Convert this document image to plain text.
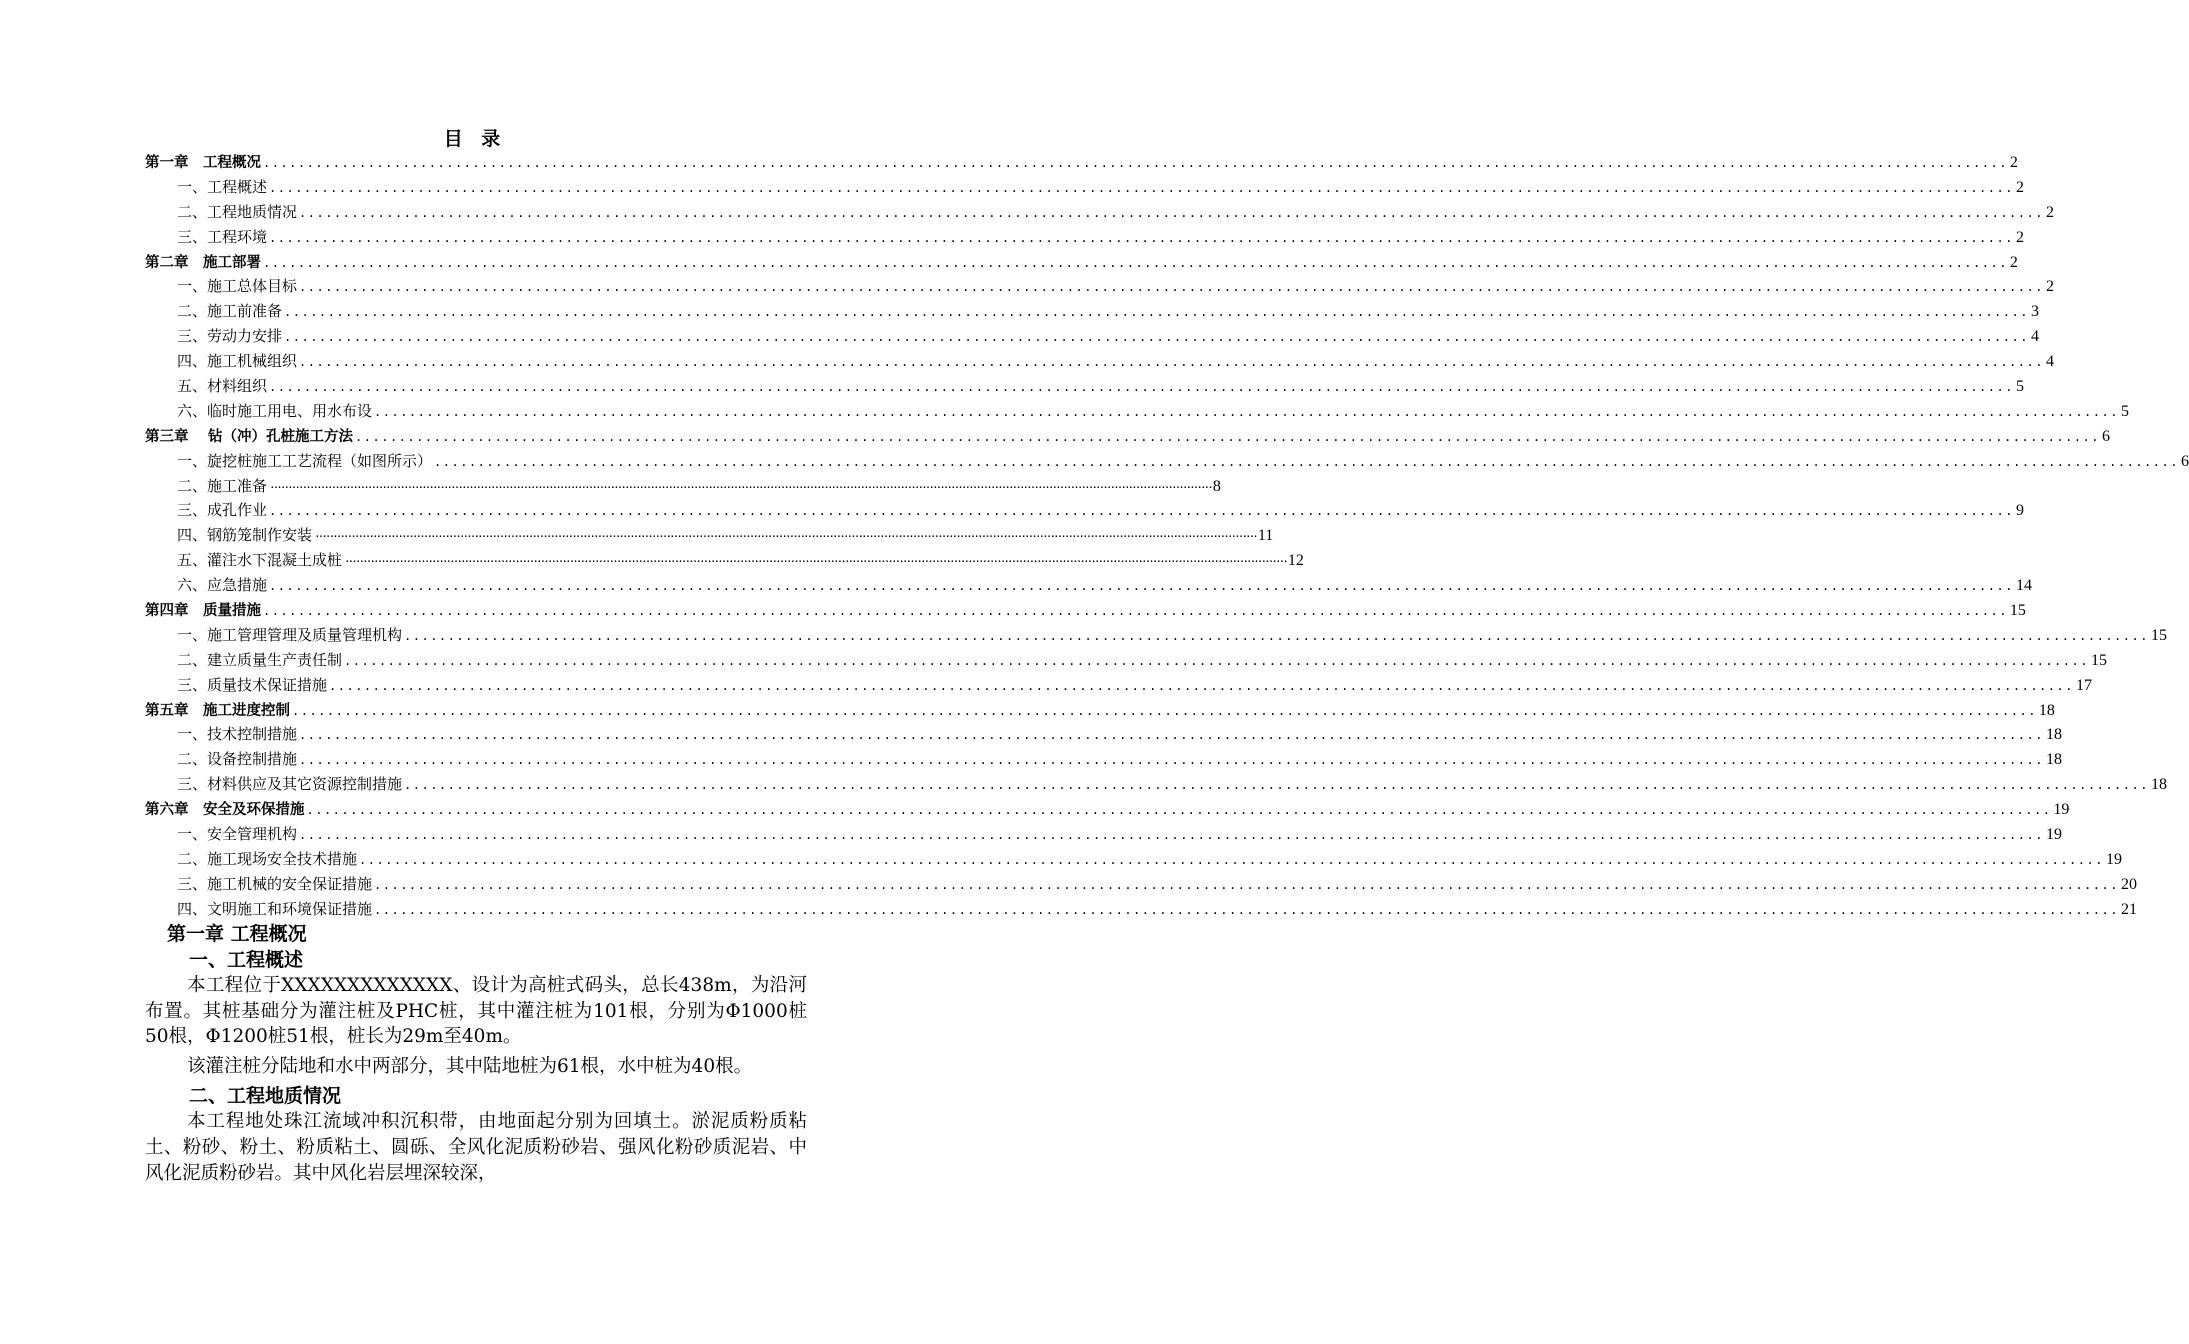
目 录
第一章　工程概况 ........................................................................................................................................................................................................ 2
一、工程概述 ........................................................................................................................................................................................................ 2
二、工程地质情况 ........................................................................................................................................................................................................ 2
三、工程环境 ........................................................................................................................................................................................................ 2
第二章　施工部署 ........................................................................................................................................................................................................ 2
一、施工总体目标 ........................................................................................................................................................................................................ 2
二、施工前准备 ........................................................................................................................................................................................................ 3
三、劳动力安排 ........................................................................................................................................................................................................ 4
四、施工机械组织 ........................................................................................................................................................................................................ 4
五、材料组织 ........................................................................................................................................................................................................ 5
六、临时施工用电、用水布设 ........................................................................................................................................................................................................ 5
第三章　 钻（冲）孔桩施工方法 ........................................................................................................................................................................................................ 6
一、旋挖桩施工工艺流程（如图所示） ........................................................................................................................................................................................................ 6
二、施工准备 ···································································································································································································································································· 8
三、成孔作业 ........................................................................................................................................................................................................ 9
四、钢筋笼制作安装 ···································································································································································································································································· 11
五、灌注水下混凝土成桩 ···································································································································································································································································· 12
六、应急措施 ........................................................................................................................................................................................................ 14
第四章　质量措施 ........................................................................................................................................................................................................ 15
一、施工管理管理及质量管理机构 ........................................................................................................................................................................................................ 15
二、建立质量生产责任制 ........................................................................................................................................................................................................ 15
三、质量技术保证措施 ........................................................................................................................................................................................................ 17
第五章　施工进度控制 ........................................................................................................................................................................................................ 18
一、技术控制措施 ........................................................................................................................................................................................................ 18
二、设备控制措施 ........................................................................................................................................................................................................ 18
三、材料供应及其它资源控制措施 ........................................................................................................................................................................................................ 18
第六章　安全及环保措施 ........................................................................................................................................................................................................ 19
一、安全管理机构 ........................................................................................................................................................................................................ 19
二、施工现场安全技术措施 ........................................................................................................................................................................................................ 19
三、施工机械的安全保证措施 ........................................................................................................................................................................................................ 20
四、文明施工和环境保证措施 ........................................................................................................................................................................................................ 21
第一章 工程概况
一、工程概述

本工程位于XXXXXXXXXXXXX、设计为高桩式码头，总长438m，为沿河布置。其桩基础分为灌注桩及PHC桩，其中灌注桩为101根，分别为Φ1000桩50根，Φ1200桩51根，桩长为29m至40m。

该灌注桩分陆地和水中两部分，其中陆地桩为61根，水中桩为40根。

二、工程地质情况

本工程地处珠江流域冲积沉积带，由地面起分别为回填土。淤泥质粉质粘土、粉砂、粉土、粉质粘土、圆砾、全风化泥质粉砂岩、强风化粉砂质泥岩、中风化泥质粉砂岩。其中风化岩层埋深较深，
